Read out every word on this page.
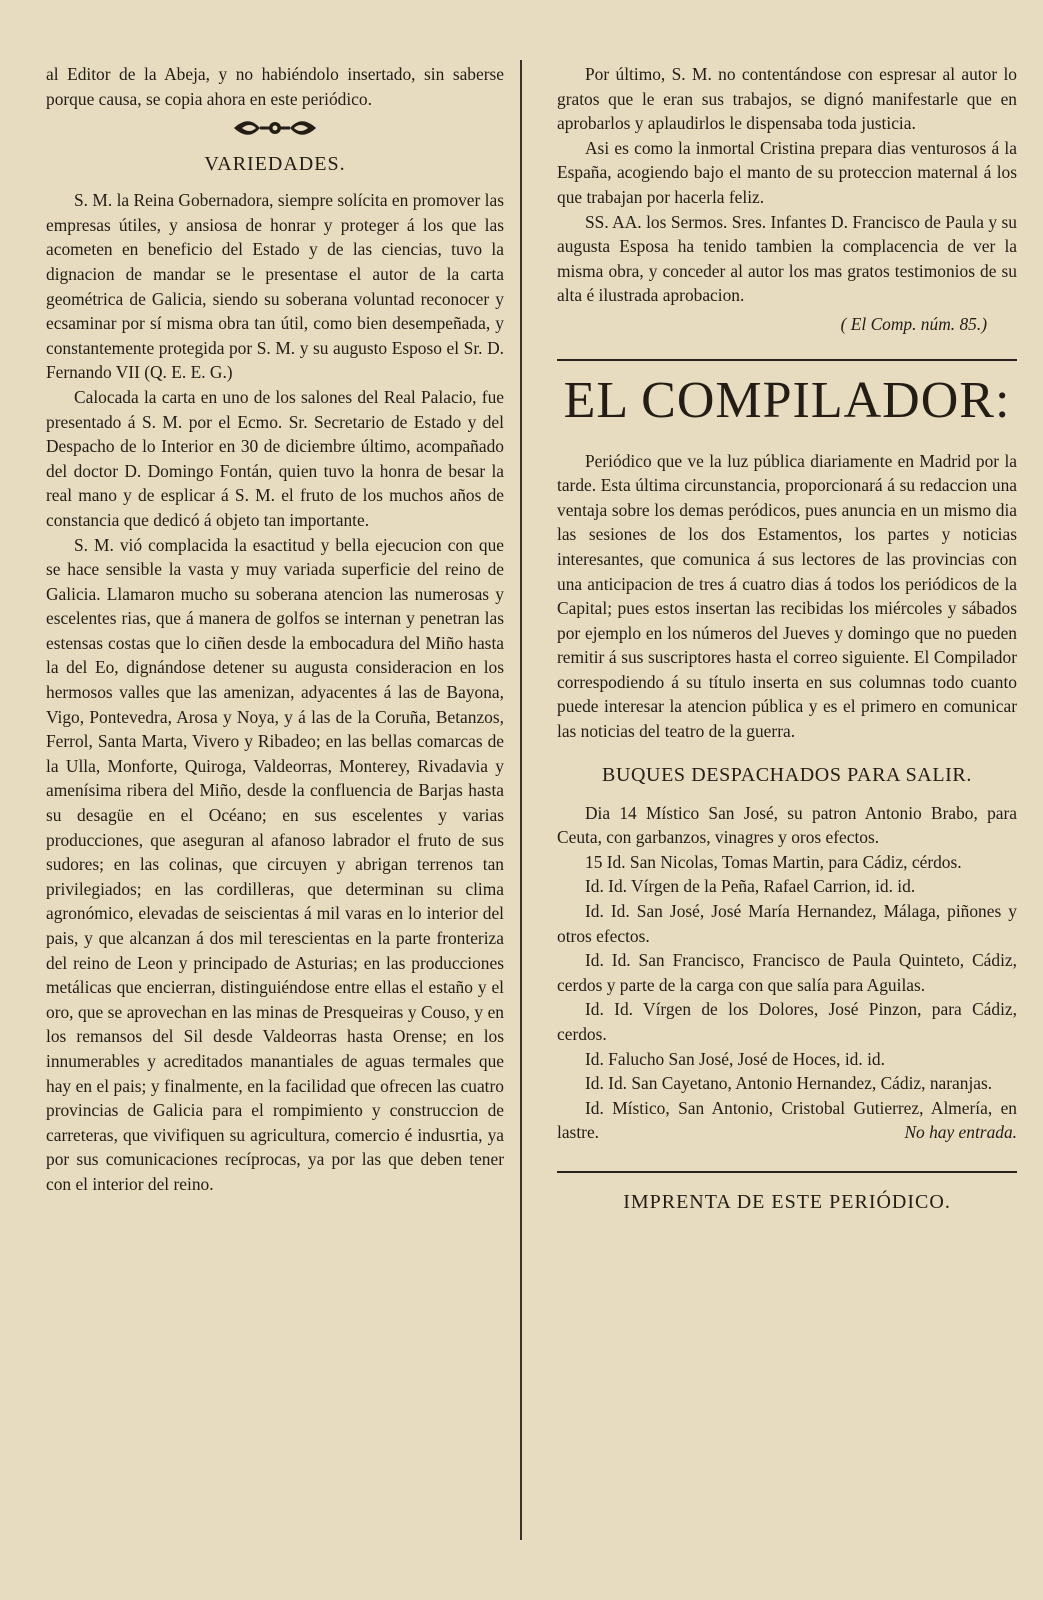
al Editor de la Abeja, y no habiéndolo insertado, sin saberse porque causa, se copia ahora en este periódico.

VARIEDADES.

S. M. la Reina Gobernadora, siempre solícita en promover las empresas útiles, y ansiosa de honrar y proteger á los que las acometen en beneficio del Estado y de las ciencias, tuvo la dignacion de mandar se le presentase el autor de la carta geométrica de Galicia, siendo su soberana voluntad reconocer y ecsaminar por sí misma obra tan útil, como bien desempeñada, y constantemente protegida por S. M. y su augusto Esposo el Sr. D. Fernando VII (Q. E. E. G.)

Calocada la carta en uno de los salones del Real Palacio, fue presentado á S. M. por el Ecmo. Sr. Secretario de Estado y del Despacho de lo Interior en 30 de diciembre último, acompañado del doctor D. Domingo Fontán, quien tuvo la honra de besar la real mano y de esplicar á S. M. el fruto de los muchos años de constancia que dedicó á objeto tan importante.

S. M. vió complacida la esactitud y bella ejecucion con que se hace sensible la vasta y muy variada superficie del reino de Galicia. Llamaron mucho su soberana atencion las numerosas y escelentes rias, que á manera de golfos se internan y penetran las estensas costas que lo ciñen desde la embocadura del Miño hasta la del Eo, dignándose detener su augusta consideracion en los hermosos valles que las amenizan, adyacentes á las de Bayona, Vigo, Pontevedra, Arosa y Noya, y á las de la Coruña, Betanzos, Ferrol, Santa Marta, Vivero y Ribadeo; en las bellas comarcas de la Ulla, Monforte, Quiroga, Valdeorras, Monterey, Rivadavia y amenísima ribera del Miño, desde la confluencia de Barjas hasta su desagüe en el Océano; en sus escelentes y varias producciones, que aseguran al afanoso labrador el fruto de sus sudores; en las colinas, que circuyen y abrigan terrenos tan privilegiados; en las cordilleras, que determinan su clima agronómico, elevadas de seiscientas á mil varas en lo interior del pais, y que alcanzan á dos mil terescientas en la parte fronteriza del reino de Leon y principado de Asturias; en las producciones metálicas que encierran, distinguiéndose entre ellas el estaño y el oro, que se aprovechan en las minas de Presqueiras y Couso, y en los remansos del Sil desde Valdeorras hasta Orense; en los innumerables y acreditados manantiales de aguas termales que hay en el pais; y finalmente, en la facilidad que ofrecen las cuatro provincias de Galicia para el rompimiento y construccion de carreteras, que vivifiquen su agricultura, comercio é indusrtia, ya por sus comunicaciones recíprocas, ya por las que deben tener con el interior del reino.

Por último, S. M. no contentándose con espresar al autor lo gratos que le eran sus trabajos, se dignó manifestarle que en aprobarlos y aplaudirlos le dispensaba toda justicia.

Asi es como la inmortal Cristina prepara dias venturosos á la España, acogiendo bajo el manto de su proteccion maternal á los que trabajan por hacerla feliz.

SS. AA. los Sermos. Sres. Infantes D. Francisco de Paula y su augusta Esposa ha tenido tambien la complacencia de ver la misma obra, y conceder al autor los mas gratos testimonios de su alta é ilustrada aprobacion.

( El Comp. núm. 85.)

EL COMPILADOR:

Periódico que ve la luz pública diariamente en Madrid por la tarde. Esta última circunstancia, proporcionará á su redaccion una ventaja sobre los demas peródicos, pues anuncia en un mismo dia las sesiones de los dos Estamentos, los partes y noticias interesantes, que comunica á sus lectores de las provincias con una anticipacion de tres á cuatro dias á todos los periódicos de la Capital; pues estos insertan las recibidas los miércoles y sábados por ejemplo en los números del Jueves y domingo que no pueden remitir á sus suscriptores hasta el correo siguiente. El Compilador correspodiendo á su título inserta en sus columnas todo cuanto puede interesar la atencion pública y es el primero en comunicar las noticias del teatro de la guerra.

BUQUES DESPACHADOS PARA SALIR.

Dia 14 Místico San José, su patron Antonio Brabo, para Ceuta, con garbanzos, vinagres y oros efectos.

15 Id. San Nicolas, Tomas Martin, para Cádiz, cérdos.

Id. Id. Vírgen de la Peña, Rafael Carrion, id. id.

Id. Id. San José, José María Hernandez, Málaga, piñones y otros efectos.

Id. Id. San Francisco, Francisco de Paula Quinteto, Cádiz, cerdos y parte de la carga con que salía para Aguilas.

Id. Id. Vírgen de los Dolores, José Pinzon, para Cádiz, cerdos.

Id. Falucho San José, José de Hoces, id. id.

Id. Id. San Cayetano, Antonio Hernandez, Cádiz, naranjas.

Id. Místico, San Antonio, Cristobal Gutierrez, Almería, en lastre.	No hay entrada.

IMPRENTA DE ESTE PERIÓDICO.
